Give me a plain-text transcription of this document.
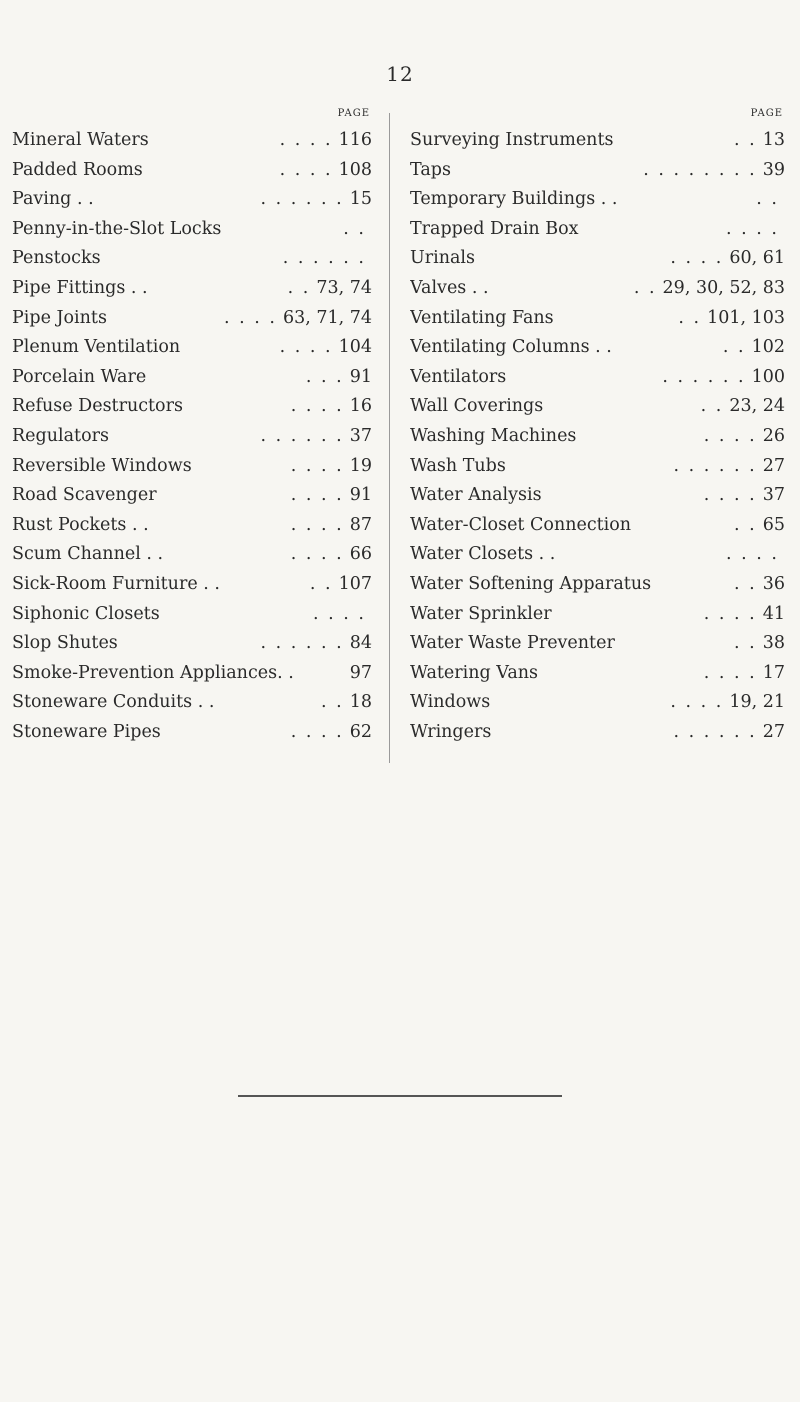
12
PAGE
Mineral Waters	. . . . 116
Padded Rooms	. . . . 108
Paving . .	. . . . . . 15
Penny-in-the-Slot Locks	. .
Penstocks	. . . . . .
Pipe Fittings . .	. . 73, 74
Pipe Joints	. . . . 63, 71, 74
Plenum Ventilation	. . . . 104
Porcelain Ware	. . . 91
Refuse Destructors	. . . . 16
Regulators	. . . . . . 37
Reversible Windows	. . . . 19
Road Scavenger	. . . . 91
Rust Pockets . .	. . . . 87
Scum Channel . .	. . . . 66
Sick-Room Furniture . .	. . 107
Siphonic Closets	. . . .
Slop Shutes	. . . . . . 84
Smoke-Prevention Appliances. .	97
Stoneware Conduits . .	. . 18
Stoneware Pipes	. . . . 62
PAGE
Surveying Instruments	. . 13
Taps	. . . . . . . . 39
Temporary Buildings . .	. .
Trapped Drain Box	. . . .
Urinals	. . . . 60, 61
Valves . .	. . 29, 30, 52, 83
Ventilating Fans	. . 101, 103
Ventilating Columns . .	. . 102
Ventilators	. . . . . . 100
Wall Coverings	. . 23, 24
Washing Machines	. . . . 26
Wash Tubs	. . . . . . 27
Water Analysis	. . . . 37
Water-Closet Connection	. . 65
Water Closets . .	. . . .
Water Softening Apparatus	. . 36
Water Sprinkler	. . . . 41
Water Waste Preventer	. . 38
Watering Vans	. . . . 17
Windows	. . . . 19, 21
Wringers	. . . . . . 27
